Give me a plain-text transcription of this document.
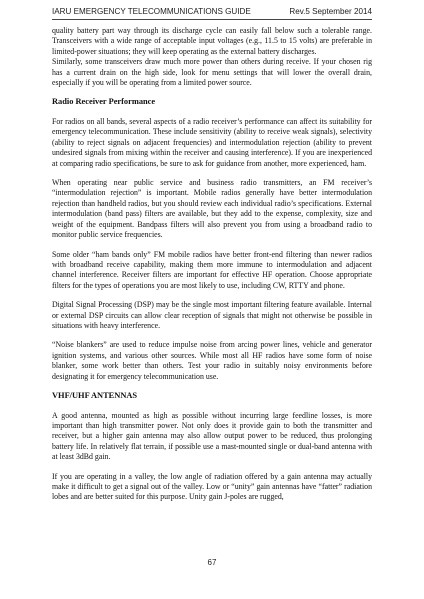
IARU EMERGENCY TELECOMMUNICATIONS GUIDE	Rev.5 September 2014

quality battery part way through its discharge cycle can easily fall below such a tolerable range. Transceivers with a wide range of acceptable input voltages (e.g., 11.5 to 15 volts) are preferable in limited-power situations; they will keep operating as the external battery discharges.

Similarly, some transceivers draw much more power than others during receive. If your chosen rig has a current drain on the high side, look for menu settings that will lower the overall drain, especially if you will be operating from a limited power source.

Radio Receiver Performance

For radios on all bands, several aspects of a radio receiver’s performance can affect its suitability for emergency telecommunication. These include sensitivity (ability to receive weak signals), selectivity (ability to reject signals on adjacent frequencies) and intermodulation rejection (ability to prevent undesired signals from mixing within the receiver and causing interference). If you are inexperienced at comparing radio specifications, be sure to ask for guidance from another, more experienced, ham.

When operating near public service and business radio transmitters, an FM receiver’s “intermodulation rejection” is important. Mobile radios generally have better intermodulation rejection than handheld radios, but you should review each individual radio’s specifications. External intermodulation (band pass) filters are available, but they add to the expense, complexity, size and weight of the equipment. Bandpass filters will also prevent you from using a broadband radio to monitor public service frequencies.

Some older “ham bands only” FM mobile radios have better front-end filtering than newer radios with broadband receive capability, making them more immune to intermodulation and adjacent channel interference. Receiver filters are important for effective HF operation. Choose appropriate filters for the types of operations you are most likely to use, including CW, RTTY and phone.

Digital Signal Processing (DSP) may be the single most important filtering feature available. Internal or external DSP circuits can allow clear reception of signals that might not otherwise be possible in situations with heavy interference.

“Noise blankers” are used to reduce impulse noise from arcing power lines, vehicle and generator ignition systems, and various other sources. While most all HF radios have some form of noise blanker, some work better than others. Test your radio in suitably noisy environments before designating it for emergency telecommunication use.

VHF/UHF ANTENNAS

A good antenna, mounted as high as possible without incurring large feedline losses, is more important than high transmitter power. Not only does it provide gain to both the transmitter and receiver, but a higher gain antenna may also allow output power to be reduced, thus prolonging battery life. In relatively flat terrain, if possible use a mast-mounted single or dual-band antenna with at least 3dBd gain.

If you are operating in a valley, the low angle of radiation offered by a gain antenna may actually make it difficult to get a signal out of the valley. Low or “unity” gain antennas have “fatter” radiation lobes and are better suited for this purpose. Unity gain J-poles are rugged,

67
